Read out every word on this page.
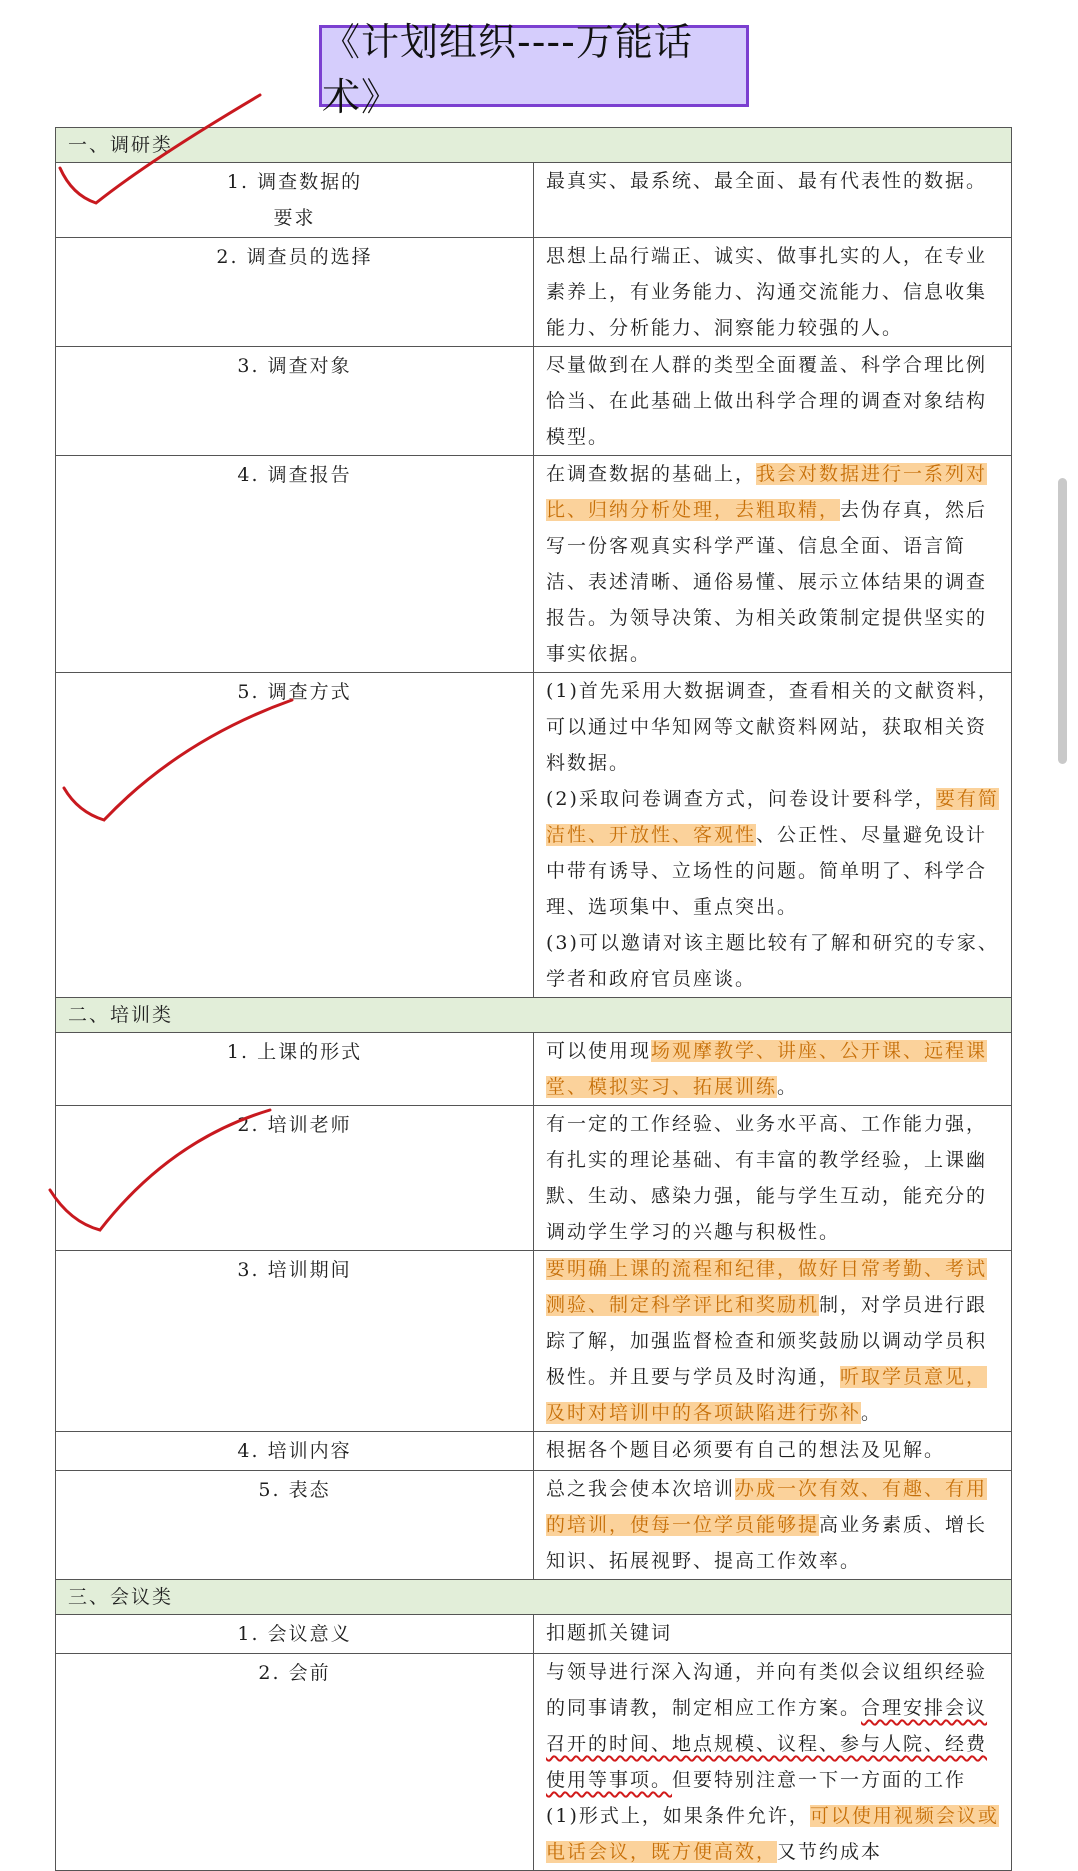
《计划组织----万能话术》
一、调研类	

1. 调查数据的要求	最真实、最系统、最全面、最有代表性的数据。
2. 调查员的选择	思想上品行端正、诚实、做事扎实的人，在专业素养上，有业务能力、沟通交流能力、信息收集能力、分析能力、洞察能力较强的人。
3. 调查对象	尽量做到在人群的类型全面覆盖、科学合理比例恰当、在此基础上做出科学合理的调查对象结构模型。
4. 调查报告	在调查数据的基础上，我会对数据进行一系列对比、归纳分析处理，去粗取精，去伪存真，然后写一份客观真实科学严谨、信息全面、语言简洁、表述清晰、通俗易懂、展示立体结果的调查报告。为领导决策、为相关政策制定提供坚实的事实依据。
5. 调查方式	(1)首先采用大数据调查，查看相关的文献资料，可以通过中华知网等文献资料网站，获取相关资料数据。
(2)采取问卷调查方式，问卷设计要科学，要有简洁性、开放性、客观性、公正性、尽量避免设计中带有诱导、立场性的问题。简单明了、科学合理、选项集中、重点突出。
(3)可以邀请对该主题比较有了解和研究的专家、学者和政府官员座谈。

二、培训类	
1. 上课的形式	可以使用现场观摩教学、讲座、公开课、远程课堂、模拟实习、拓展训练。
2. 培训老师	有一定的工作经验、业务水平高、工作能力强，有扎实的理论基础、有丰富的教学经验，上课幽默、生动、感染力强，能与学生互动，能充分的调动学生学习的兴趣与积极性。
3. 培训期间	要明确上课的流程和纪律，做好日常考勤、考试测验、制定科学评比和奖励机制，对学员进行跟踪了解，加强监督检查和颁奖鼓励以调动学员积极性。并且要与学员及时沟通，听取学员意见，及时对培训中的各项缺陷进行弥补。
4. 培训内容	根据各个题目必须要有自己的想法及见解。
5. 表态	总之我会使本次培训办成一次有效、有趣、有用的培训，使每一位学员能够提高业务素质、增长知识、拓展视野、提高工作效率。
三、会议类	
1. 会议意义	扣题抓关键词
2. 会前	与领导进行深入沟通，并向有类似会议组织经验的同事请教，制定相应工作方案。合理安排会议召开的时间、地点规模、议程、参与人院、经费使用等事项。但要特别注意一下一方面的工作
(1)形式上，如果条件允许，可以使用视频会议或电话会议，既方便高效，又节约成本
